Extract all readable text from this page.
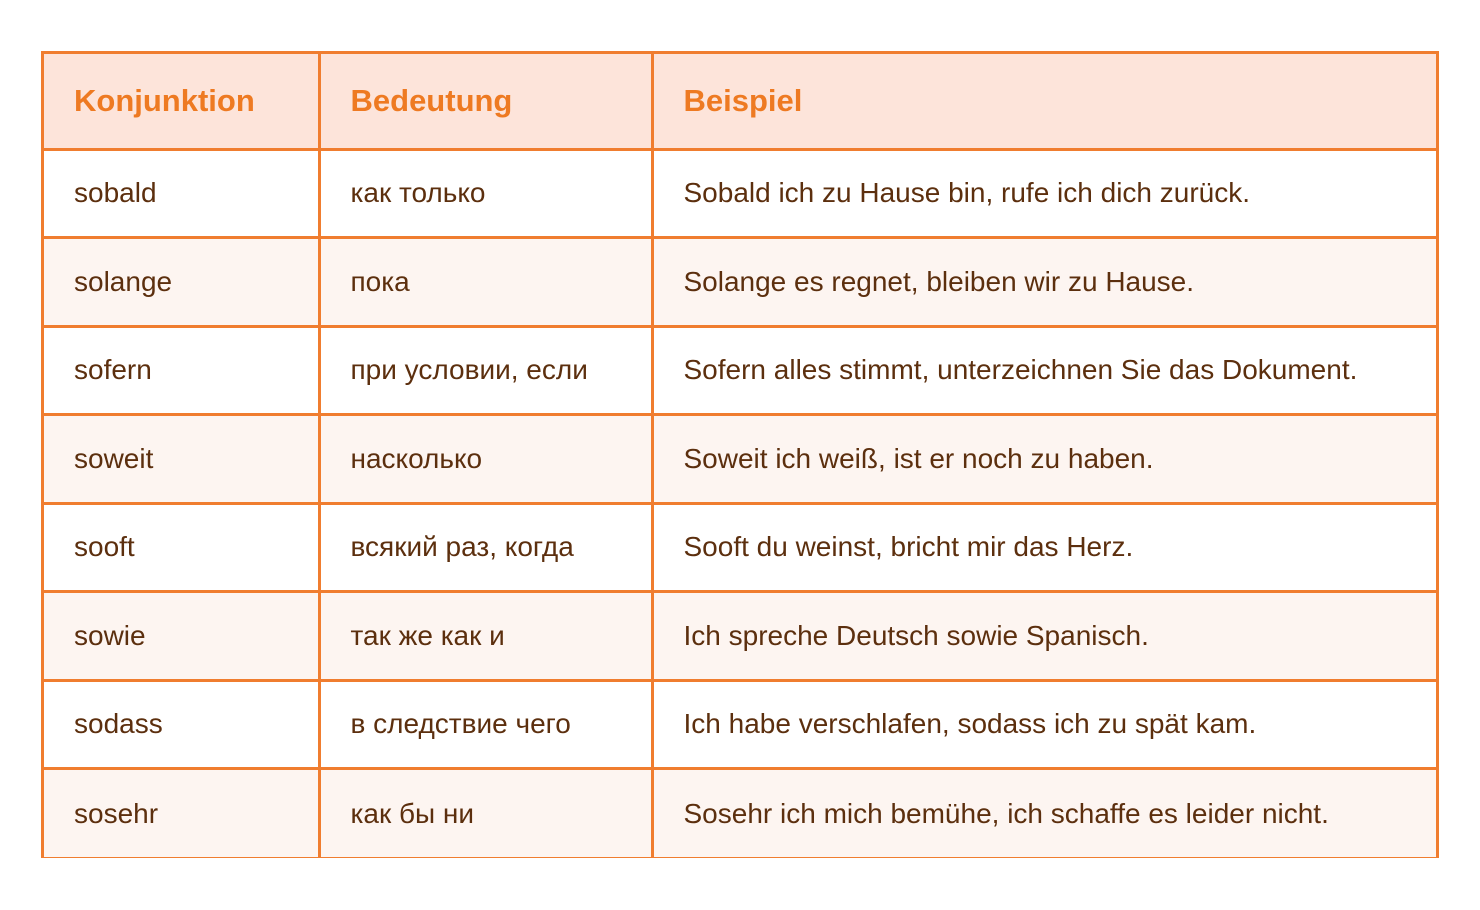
Konjunktion	Bedeutung	Beispiel
sobald	как только	Sobald ich zu Hause bin, rufe ich dich zurück.
solange	пока	Solange es regnet, bleiben wir zu Hause.
sofern	при условии, если	Sofern alles stimmt, unterzeichnen Sie das Dokument.
soweit	насколько	Soweit ich weiß, ist er noch zu haben.
sooft	всякий раз, когда	Sooft du weinst, bricht mir das Herz.
sowie	так же как и	Ich spreche Deutsch sowie Spanisch.
sodass	в следствие чего	Ich habe verschlafen, sodass ich zu spät kam.
sosehr	как бы ни	Sosehr ich mich bemühe, ich schaffe es leider nicht.
